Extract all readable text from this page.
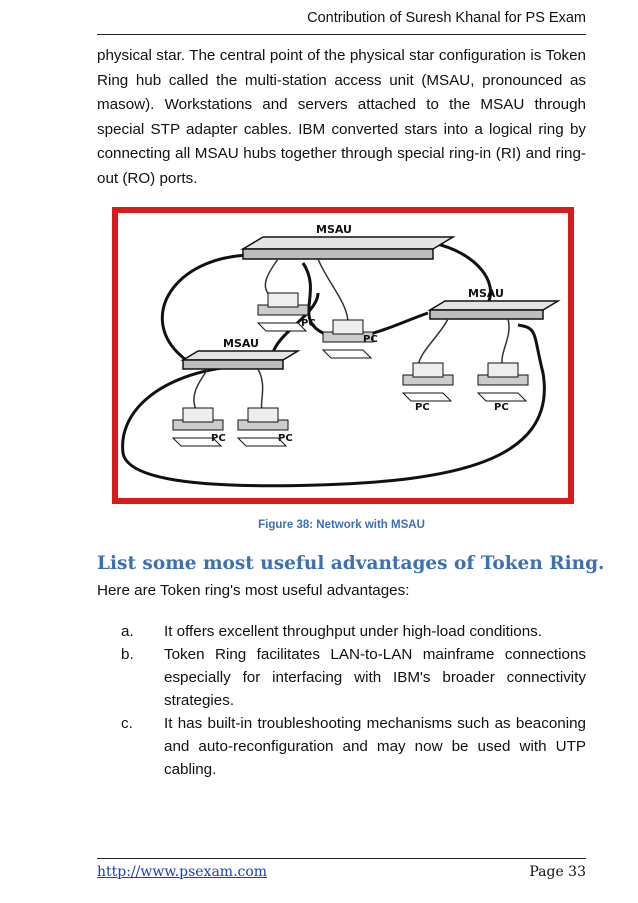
Contribution of Suresh Khanal for PS Exam

physical star. The central point of the physical star configuration is Token Ring hub called the multi-station access unit (MSAU, pronounced as masow). Workstations and servers attached to the MSAU through special STP adapter cables. IBM converted stars into a logical ring by connecting all MSAU hubs together through special ring-in (RI) and ring-out (RO) ports.

MSAU
MSAU
MSAU
PC
PC
PC	PC
PC	PC
Figure 38: Network with MSAU
List some most useful advantages of Token Ring.
Here are Token ring's most useful advantages:
a. It offers excellent throughput under high-load conditions.
b. Token Ring facilitates LAN-to-LAN mainframe connections especially for interfacing with IBM's broader connectivity strategies.
c. It has built-in troubleshooting mechanisms such as beaconing and auto-reconfiguration and may now be used with UTP cabling.
http://www.psexam.com	Page 33
